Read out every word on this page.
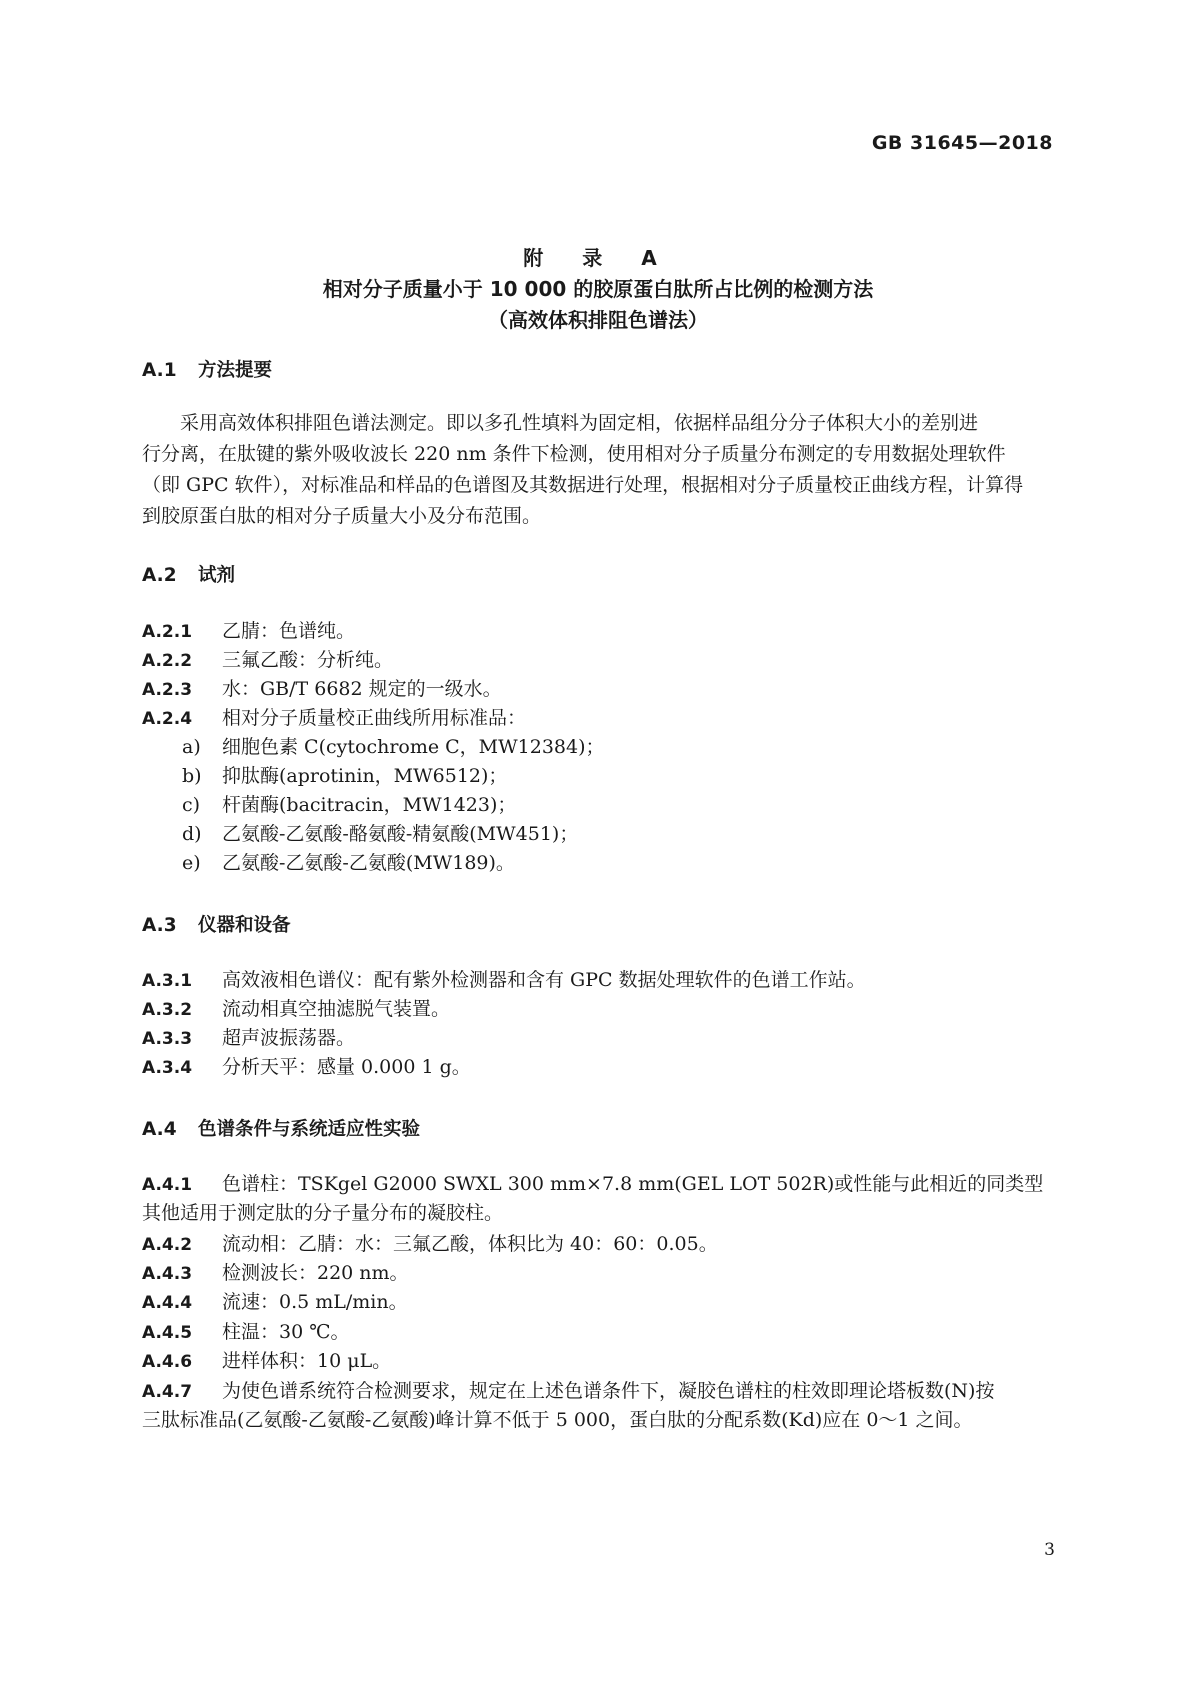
GB 31645—2018
附 录 A
相对分子质量小于 10 000 的胶原蛋白肽所占比例的检测方法
（高效体积排阻色谱法）
A.1 方法提要
采用高效体积排阻色谱法测定。即以多孔性填料为固定相，依据样品组分分子体积大小的差别进
行分离，在肽键的紫外吸收波长 220 nm 条件下检测，使用相对分子质量分布测定的专用数据处理软件
（即 GPC 软件），对标准品和样品的色谱图及其数据进行处理，根据相对分子质量校正曲线方程，计算得
到胶原蛋白肽的相对分子质量大小及分布范围。
A.2 试剂
A.2.1 乙腈：色谱纯。
A.2.2 三氟乙酸：分析纯。
A.2.3 水：GB/T 6682 规定的一级水。
A.2.4 相对分子质量校正曲线所用标准品：
a) 细胞色素 C(cytochrome C，MW12384)；
b) 抑肽酶(aprotinin，MW6512)；
c) 杆菌酶(bacitracin，MW1423)；
d) 乙氨酸-乙氨酸-酪氨酸-精氨酸(MW451)；
e) 乙氨酸-乙氨酸-乙氨酸(MW189)。
A.3 仪器和设备
A.3.1 高效液相色谱仪：配有紫外检测器和含有 GPC 数据处理软件的色谱工作站。
A.3.2 流动相真空抽滤脱气装置。
A.3.3 超声波振荡器。
A.3.4 分析天平：感量 0.000 1 g。
A.4 色谱条件与系统适应性实验
A.4.1 色谱柱：TSKgel G2000 SWXL 300 mm×7.8 mm(GEL LOT 502R)或性能与此相近的同类型
其他适用于测定肽的分子量分布的凝胶柱。
A.4.2 流动相：乙腈：水：三氟乙酸，体积比为 40：60：0.05。
A.4.3 检测波长：220 nm。
A.4.4 流速：0.5 mL/min。
A.4.5 柱温：30 ℃。
A.4.6 进样体积：10 μL。
A.4.7 为使色谱系统符合检测要求，规定在上述色谱条件下，凝胶色谱柱的柱效即理论塔板数(N)按
三肽标准品(乙氨酸-乙氨酸-乙氨酸)峰计算不低于 5 000，蛋白肽的分配系数(Kd)应在 0～1 之间。
3
